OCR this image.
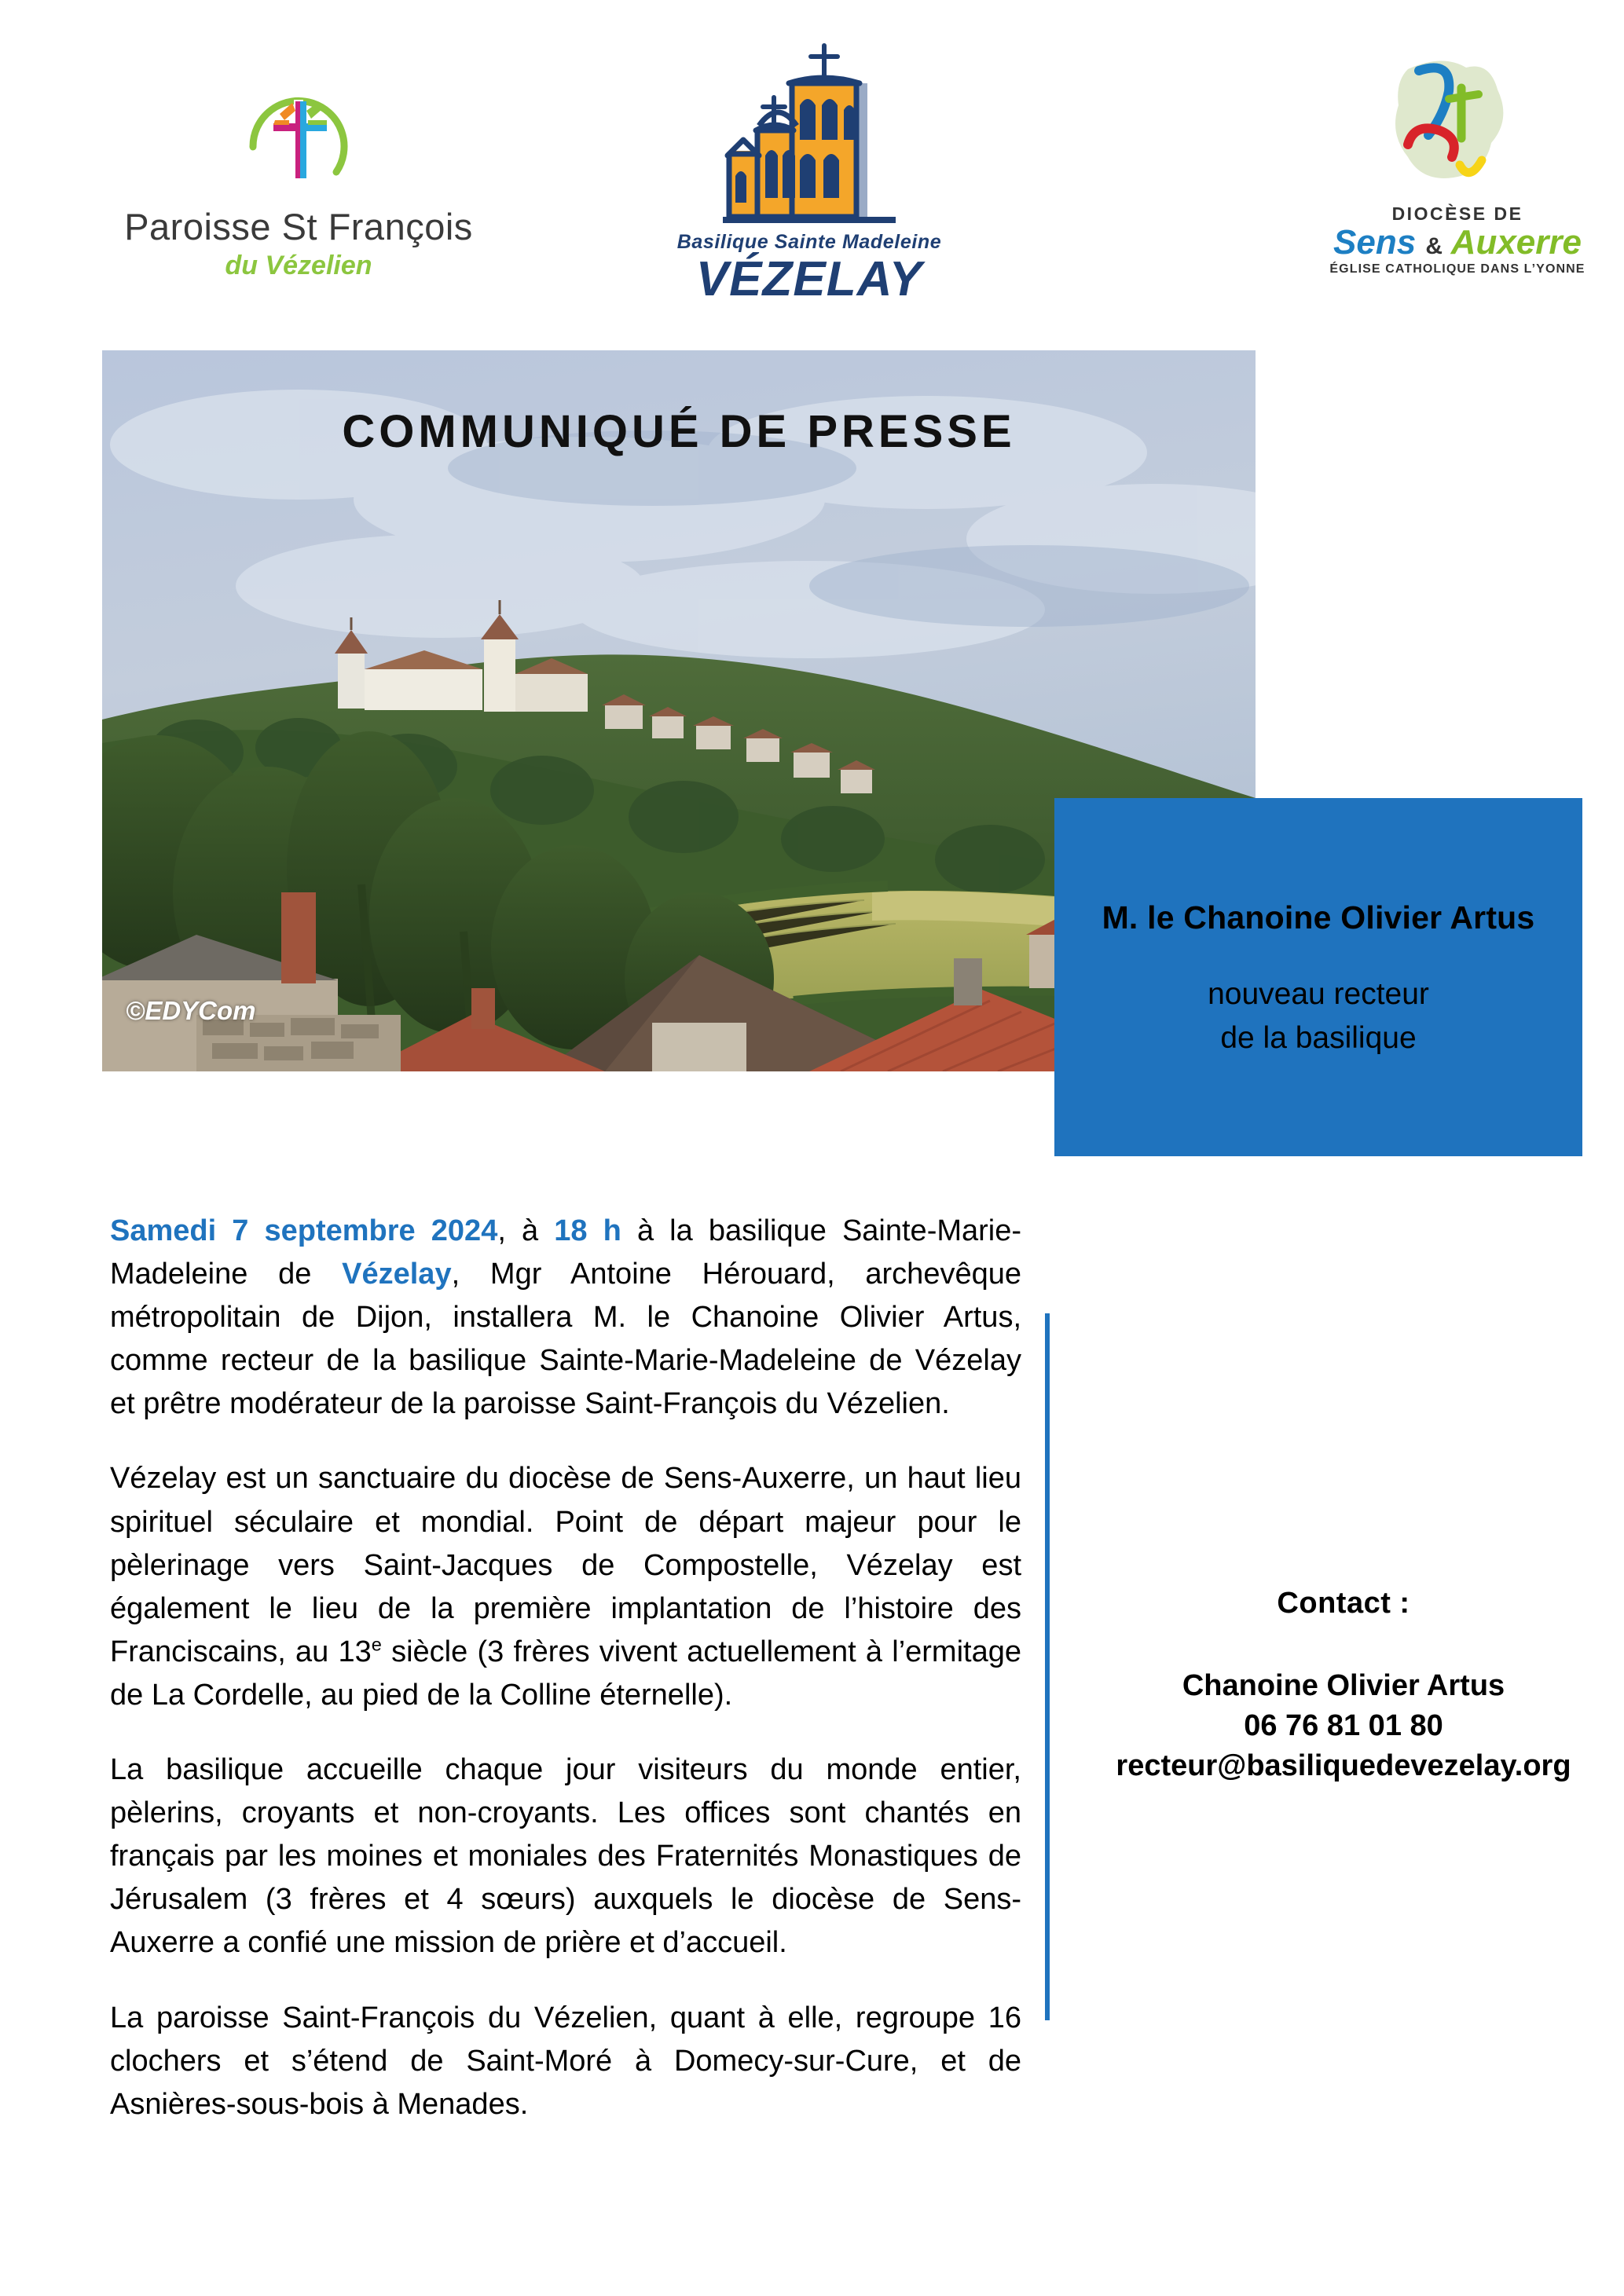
Paroisse St François
du Vézelien
Basilique Sainte Madeleine
VÉZELAY
DIOCÈSE DE
Sens & Auxerre
ÉGLISE CATHOLIQUE DANS L’YONNE
COMMUNIQUÉ DE PRESSE
©EDYCom
M. le Chanoine Olivier Artus
nouveau recteur
de la basilique

Samedi 7 septembre 2024, à 18 h à la basilique Sainte-Marie-Madeleine de Vézelay, Mgr Antoine Hérouard, archevêque métropolitain de Dijon, installera M. le Chanoine Olivier Artus, comme recteur de la basilique Sainte-Marie-Madeleine de Vézelay et prêtre modérateur de la paroisse Saint-François du Vézelien.

Vézelay est un sanctuaire du diocèse de Sens-Auxerre, un haut lieu spirituel séculaire et mondial. Point de départ majeur pour le pèlerinage vers Saint-Jacques de Compostelle, Vézelay est également le lieu de la première implantation de l’histoire des Franciscains, au 13e siècle (3 frères vivent actuellement à l’ermitage de La Cordelle, au pied de la Colline éternelle).

La basilique accueille chaque jour visiteurs du monde entier, pèlerins, croyants et non-croyants. Les offices sont chantés en français par les moines et moniales des Fraternités Monastiques de Jérusalem (3 frères et 4 sœurs) auxquels le diocèse de Sens-Auxerre a confié une mission de prière et d’accueil.

La paroisse Saint-François du Vézelien, quant à elle, regroupe 16 clochers et s’étend de Saint-Moré à Domecy-sur-Cure, et de Asnières-sous-bois à Menades.

Contact :
Chanoine Olivier Artus
06 76 81 01 80
recteur@basiliquedevezelay.org
